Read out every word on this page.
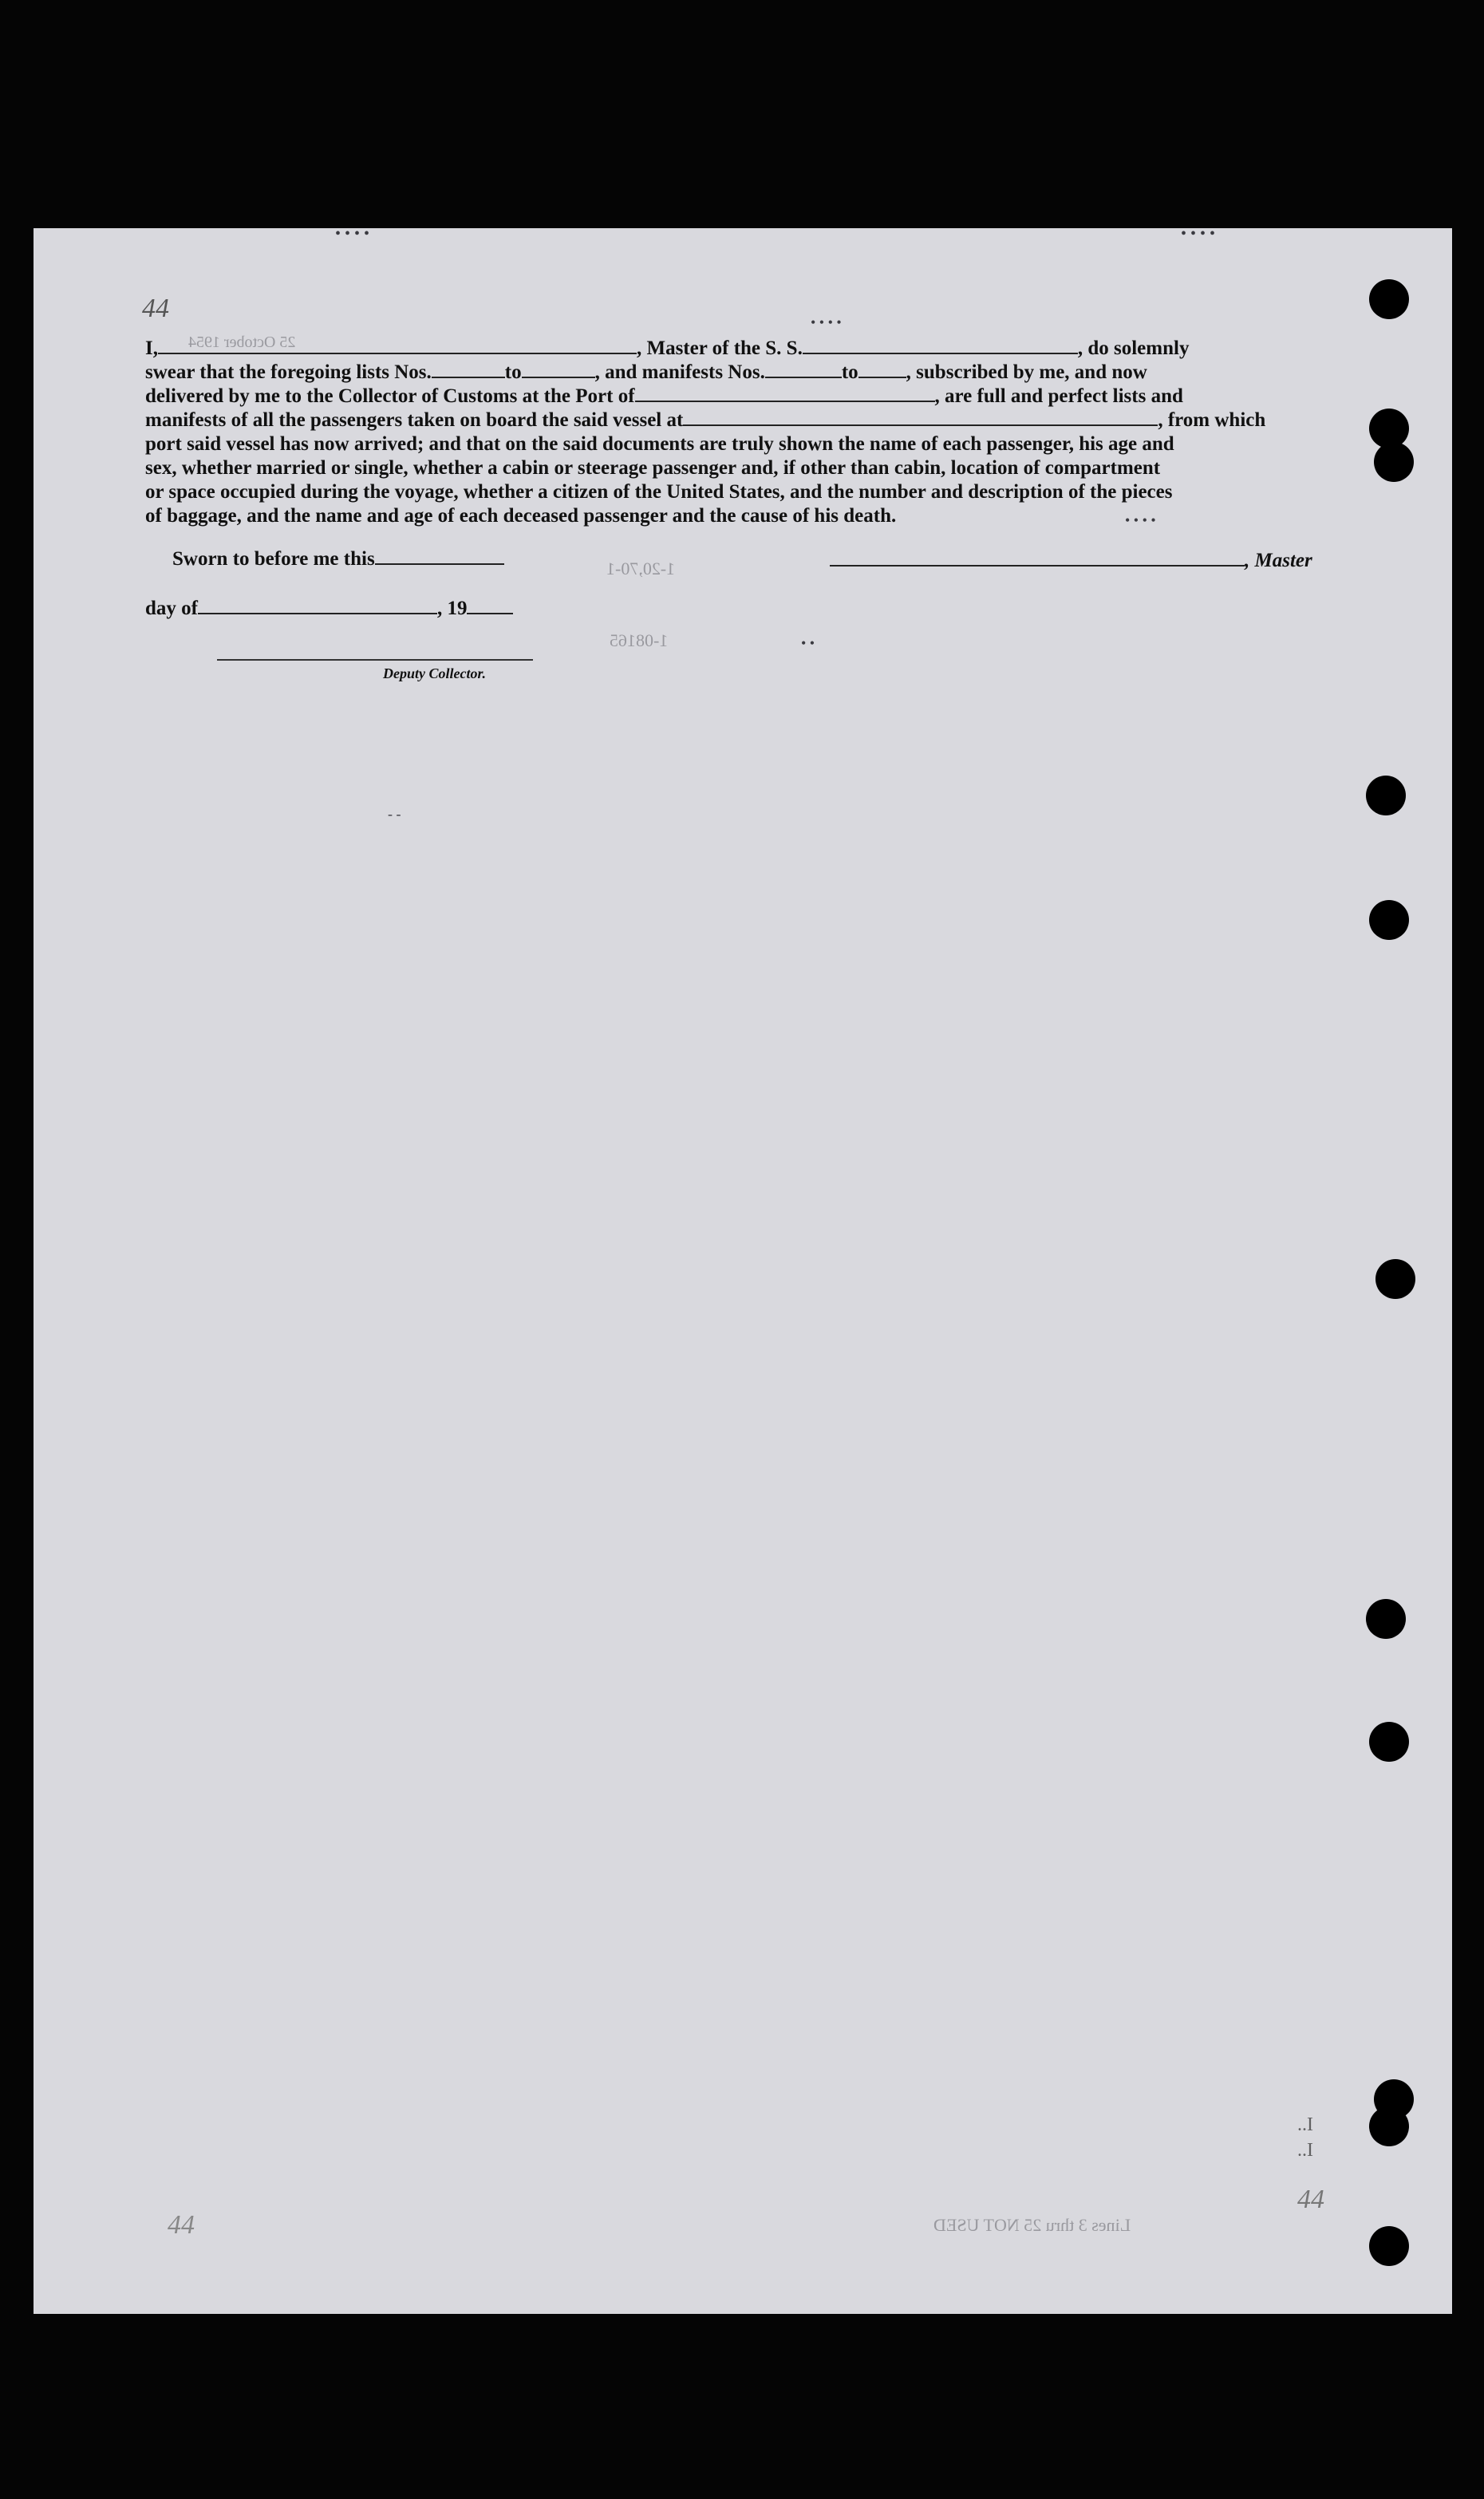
44
25 October 1954
1-20,70-1
1-08165
Lines 3 thru 25 NOT USED
44
44
I..
I..
I,	, Master of the S. S.	, do solemnly
swear that the foregoing lists Nos.	to	, and manifests Nos.	to , subscribed by me, and now
delivered by me to the Collector of Customs at the Port of	, are full and perfect lists and
manifests of all the passengers taken on board the said vessel at	, from which
port said vessel has now arrived; and that on the said documents are truly shown the name of each passenger, his age and
sex, whether married or single, whether a cabin or steerage passenger and, if other than cabin, location of compartment
or space occupied during the voyage, whether a citizen of the United States, and the number and description of the pieces
of baggage, and the name and age of each deceased passenger and the cause of his death.
Sworn to before me this
day of	, 19
Deputy Collector.
, Master
• • • •	• • • •
• • • •
• • • •
• •
- -
